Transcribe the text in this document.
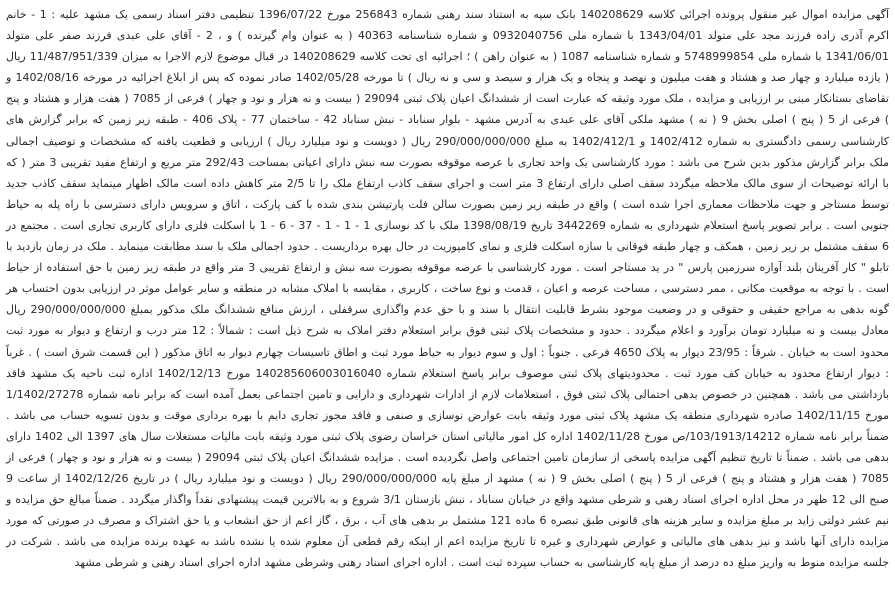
آگهی مزایده اموال غیر منقول پرونده اجرائی کلاسه 140208629 بانک سپه به استناد سند رهنی شماره 256843 مورخ 1396/07/22 تنظیمی دفتر اسناد رسمی یک مشهد علیه : 1 - خانم اکرم آذری زاده فرزند مجد علی متولد 1343/04/01 با شماره ملی 0932040756 و شماره شناسنامه 40363 ( به عنوان وام گیرنده ) و ، 2 - آقای علی عبدی فرزند صفر علی متولد 1341/06/01 با شماره ملی 5748999854 و شماره شناسنامه 1087 ( به عنوان راهن ) ؛ اجرائیه ای تحت کلاسه 140208629 در قبال موضوع لازم الاجرا به میزان 11/487/951/339 ریال ( یازده میلیارد و چهار صد و هشتاد و هفت میلیون و نهصد و پنجاه و یک هزار و سیصد و سی و نه ریال ) تا مورخه 1402/05/28 صادر نموده که پس از ابلاغ اجرائیه در مورخه 1402/08/16 و تقاضای بستانکار مبنی بر ارزیابی و مزایده ، ملک مورد وثیقه که عبارت است از ششدانگ اعیان پلاک ثبتی 29094 ( بیست و نه هزار و نود و چهار ) فرعی از 7085 ( هفت هزار و هشتاد و پنج ) فرعی از 5 ( پنج ) اصلی بخش 9 ( نه ) مشهد ملکی آقای علی عبدی به آدرس مشهد - بلوار سناباد - نبش سناباد 42 - ساختمان 77 - پلاک 406 - طبقه زیر زمین که برابر گزارش های کارشناسی رسمی دادگستری به شماره 1402/412 و 1402/412/1 به مبلغ 290/000/000/000 ریال ( دویست و نود میلیارد ریال ) ارزیابی و قطعیت یافته که مشخصات و توصیف اجمالی ملک برابر گزارش مذکور بدین شرح می باشد : مورد کارشناسی یک واحد تجاری با عرصه موقوفه بصورت سه نبش دارای اعیانی بمساحت 292/43 متر مربع و ارتفاع مفید تقریبی 3 متر ( که با ارائه توضیحات از سوی مالک ملاحظه میگردد سقف اصلی دارای ارتفاع 3 متر است و اجرای سقف کاذب ارتفاع ملک را تا 2/5 متر کاهش داده است مالک اظهار مینماید سقف کاذب جدید توسط مستاجر و جهت ملاحظات معماری اجرا شده است ) واقع در طبقه زیر زمین بصورت سالن فلت پارتیشن بندی شده با کف پارکت ، اتاق و سرویس دارای دسترسی با راه پله به حیاط جنوبی است . برابر تصویر پاسخ استعلام شهرداری به شماره 3442269 تاریخ 1398/08/19 ملک با کد نوسازی 1 - 1 - 1 - 37 - 6 - 1 با اسکلت فلزی دارای کاربری تجاری است . مجتمع در 6 سقف مشتمل بر زیر زمین ، همکف و چهار طبقه فوقانی با سازه اسکلت فلزی و نمای کامپوزیت در حال بهره برداریست . حدود اجمالی ملک با سند مطابقت مینماید . ملک در زمان بازدید با تابلو " کار آفرینان بلند آوازه سرزمین پارس " در ید مستاجر است . مورد کارشناسی با عرصه موقوفه بصورت سه نبش و ارتفاع تقریبی 3 متر واقع در طبقه زیر زمین با حق استفاده از حیاط است . با توجه به موقعیت مکانی ، ممر دسترسی ، مساحت عرصه و اعیان ، قدمت و نوع ساخت ، کاربری ، مقایسه با املاک مشابه در منطقه و سایر عوامل موثر در ارزیابی بدون احتساب هر گونه بدهی به مراجع حقیقی و حقوقی و در وضعیت موجود بشرط قابلیت انتقال با سند و با حق عدم واگذاری سرقفلی ، ارزش منافع ششدانگ ملک مذکور بمبلغ 290/000/000/000 ریال معادل بیست و نه میلیارد تومان برآورد و اعلام میگردد . حدود و مشخصات پلاک ثبتی فوق برابر استعلام دفتر املاک به شرح ذیل است : شمالاً : 12 متر درب و ارتفاع و دیوار به مورد ثبت محدود است به خیابان . شرقاً : 23/95 دیوار به پلاک 4650 فرعی . جنوباً : اول و سوم دیوار به حیاط مورد ثبت و اطاق تاسیسات چهارم دیوار به اتاق مذکور ( این قسمت شرق است ) . غرباً : دیوار ارتفاع محدود به خیابان کف مورد ثبت . محدودیتهای پلاک ثبتی موصوف برابر پاسخ استعلام شماره 140285606003016040 مورخ 1402/12/13 اداره ثبت ناحیه یک مشهد فاقد بازداشتی می باشد . همچنین در خصوص بدهی احتمالی پلاک ثبتی فوق ، استعلامات لازم از ادارات شهرداری و دارایی و تامین اجتماعی بعمل آمده است که برابر نامه شماره 1/1402/27278 مورخ 1402/11/15 صادره شهرداری منطقه یک مشهد پلاک ثبتی مورد وثیقه بابت عوارض نوسازی و صنفی و فاقد مجوز تجاری دایم با بهره برداری موقت و بدون تسویه حساب می باشد . ضمناً برابر نامه شماره 103/1913/14212/ص مورخ 1402/11/28 اداره کل امور مالیاتی استان خراسان رضوی پلاک ثبتی مورد وثیقه بابت مالیات مستغلات سال های 1397 الی 1402 دارای بدهی می باشد . ضمناً تا تاریخ تنظیم آگهی مزایده پاسخی از سازمان تامین اجتماعی واصل نگردیده است . مزایده ششدانگ اعیان پلاک ثبتی 29094 ( بیست و نه هزار و نود و چهار ) فرعی از 7085 ( هفت هزار و هشتاد و پنج ) فرعی از 5 ( پنج ) اصلی بخش 9 ( نه ) مشهد از مبلغ پایه 290/000/000/000 ریال ( دویست و نود میلیارد ریال ) در تاریخ 1402/12/26 از ساعت 9 صبح الی 12 ظهر در محل اداره اجرای اسناد رهنی و شرطی مشهد واقع در خیابان سناباد ، نبش بازستان 3/1 شروع و به بالاترین قیمت پیشنهادی نقداً واگذار میگردد . ضمناً مبالغ حق مزایده و نیم عشر دولتی زاید بر مبلغ مزایده و سایر هزینه های قانونی طبق تبصره 6 ماده 121 مشتمل بر بدهی های آب ، برق ، گاز اعم از حق انشعاب و یا حق اشتراک و مصرف در صورتی که مورد مزایده دارای آنها باشد و نیز بدهی های مالیاتی و عوارض شهرداری و غیره تا تاریخ مزایده اعم از اینکه رقم قطعی آن معلوم شده یا نشده باشد به عهده برنده مزایده می باشد . شرکت در جلسه مزایده منوط به واریز مبلغ ده درصد از مبلغ پایه کارشناسی به حساب سپرده ثبت است . اداره اجرای اسناد رهنی وشرطی مشهد اداره اجرای اسناد رهنی و شرطی مشهد
